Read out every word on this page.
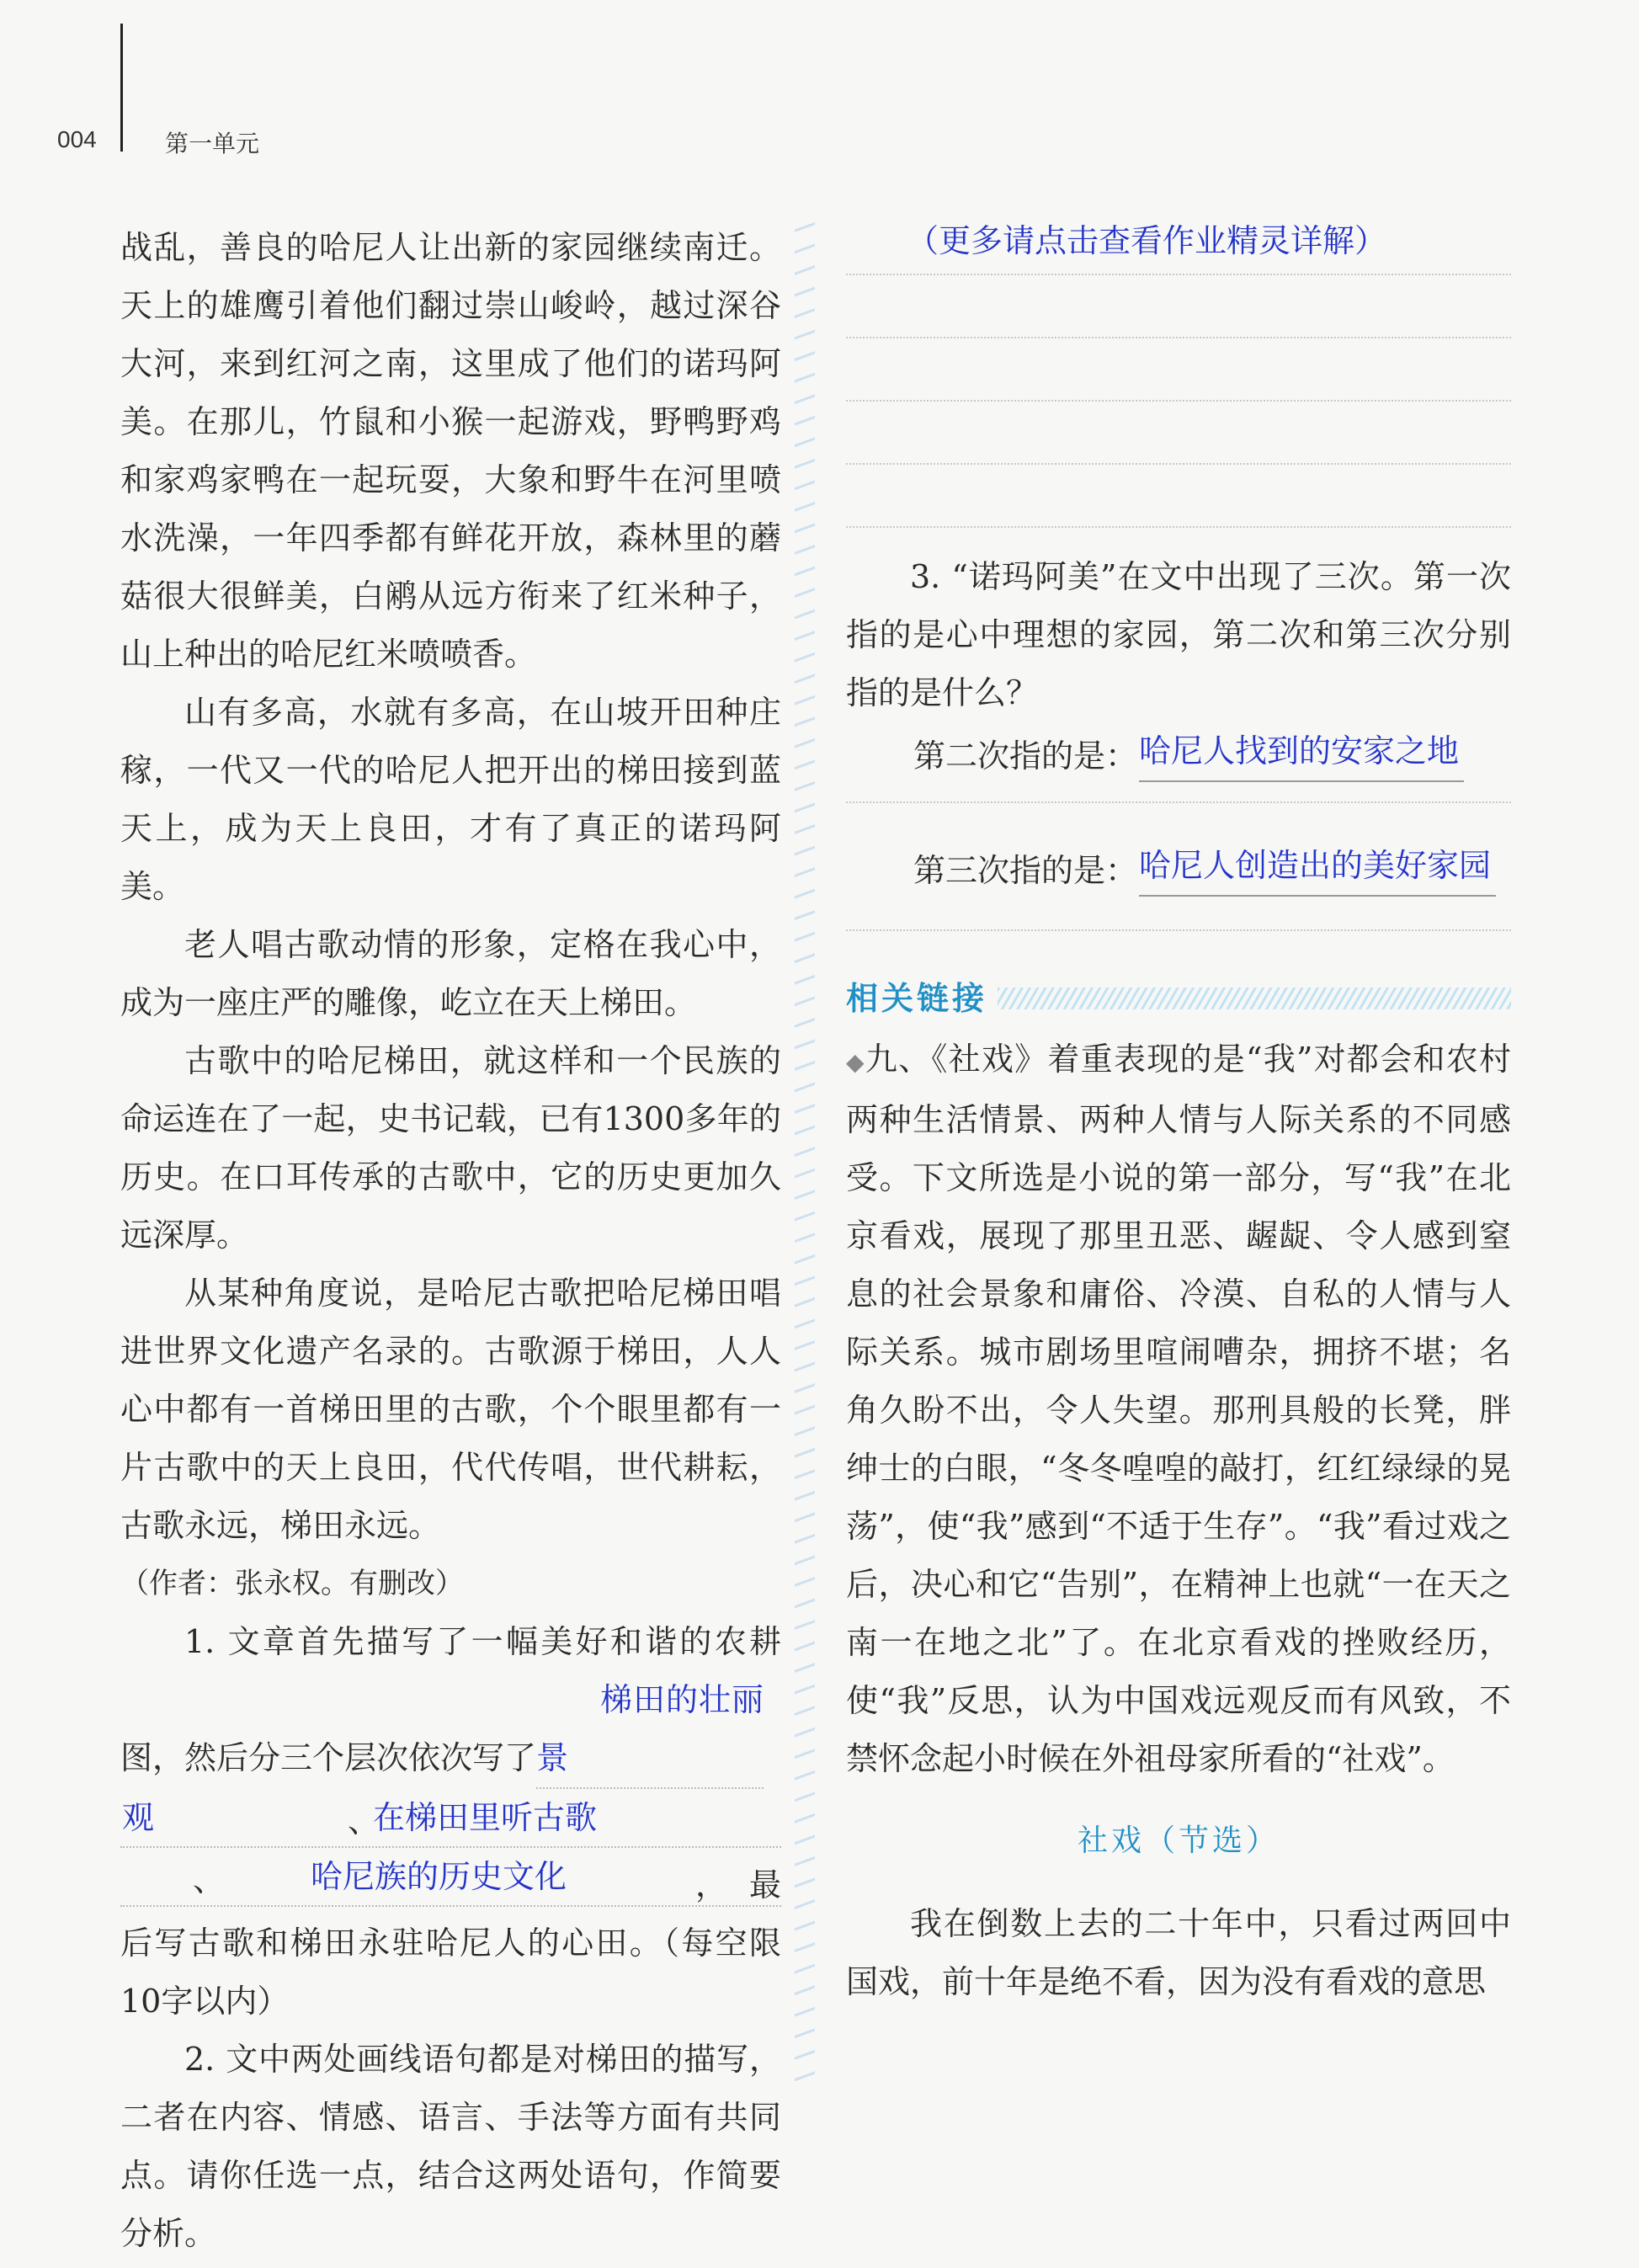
004	第一单元

战乱，善良的哈尼人让出新的家园继续南迁。天上的雄鹰引着他们翻过崇山峻岭，越过深谷大河，来到红河之南，这里成了他们的诺玛阿美。在那儿，竹鼠和小猴一起游戏，野鸭野鸡和家鸡家鸭在一起玩耍，大象和野牛在河里喷水洗澡，一年四季都有鲜花开放，森林里的蘑菇很大很鲜美，白鹇从远方衔来了红米种子，山上种出的哈尼红米喷喷香。

山有多高，水就有多高，在山坡开田种庄稼，一代又一代的哈尼人把开出的梯田接到蓝天上，成为天上良田，才有了真正的诺玛阿美。

老人唱古歌动情的形象，定格在我心中，成为一座庄严的雕像，屹立在天上梯田。

古歌中的哈尼梯田，就这样和一个民族的命运连在了一起，史书记载，已有1300多年的历史。在口耳传承的古歌中，它的历史更加久远深厚。

从某种角度说，是哈尼古歌把哈尼梯田唱进世界文化遗产名录的。古歌源于梯田，人人心中都有一首梯田里的古歌，个个眼里都有一片古歌中的天上良田，代代传唱，世代耕耘，古歌永远，梯田永远。

（作者：张永权。有删改）

1. 文章首先描写了一幅美好和谐的农耕图，然后分三个层次依次写了梯田的壮丽景

观	、
在梯田里听古歌
、	哈尼族的历史文化	，最后写古歌和梯田永驻哈尼人的心田。（每空限10字以内）

2. 文中两处画线语句都是对梯田的描写，二者在内容、情感、语言、手法等方面有共同点。请你任选一点，结合这两处语句，作简要分析。

（更多请点击查看作业精灵详解）

3. “诺玛阿美”在文中出现了三次。第一次指的是心中理想的家园，第二次和第三次分别指的是什么？

第二次指的是： 哈尼人找到的安家之地
第三次指的是： 哈尼人创造出的美好家园
相关链接

◆九、《社戏》着重表现的是“我”对都会和农村两种生活情景、两种人情与人际关系的不同感受。下文所选是小说的第一部分，写“我”在北京看戏，展现了那里丑恶、龌龊、令人感到窒息的社会景象和庸俗、冷漠、自私的人情与人际关系。城市剧场里喧闹嘈杂，拥挤不堪；名角久盼不出，令人失望。那刑具般的长凳，胖绅士的白眼，“冬冬喤喤的敲打，红红绿绿的晃荡”，使“我”感到“不适于生存”。“我”看过戏之后，决心和它“告别”，在精神上也就“一在天之南一在地之北”了。在北京看戏的挫败经历，使“我”反思，认为中国戏远观反而有风致，不禁怀念起小时候在外祖母家所看的“社戏”。

社戏（节选）

我在倒数上去的二十年中，只看过两回中国戏，前十年是绝不看，因为没有看戏的意思
